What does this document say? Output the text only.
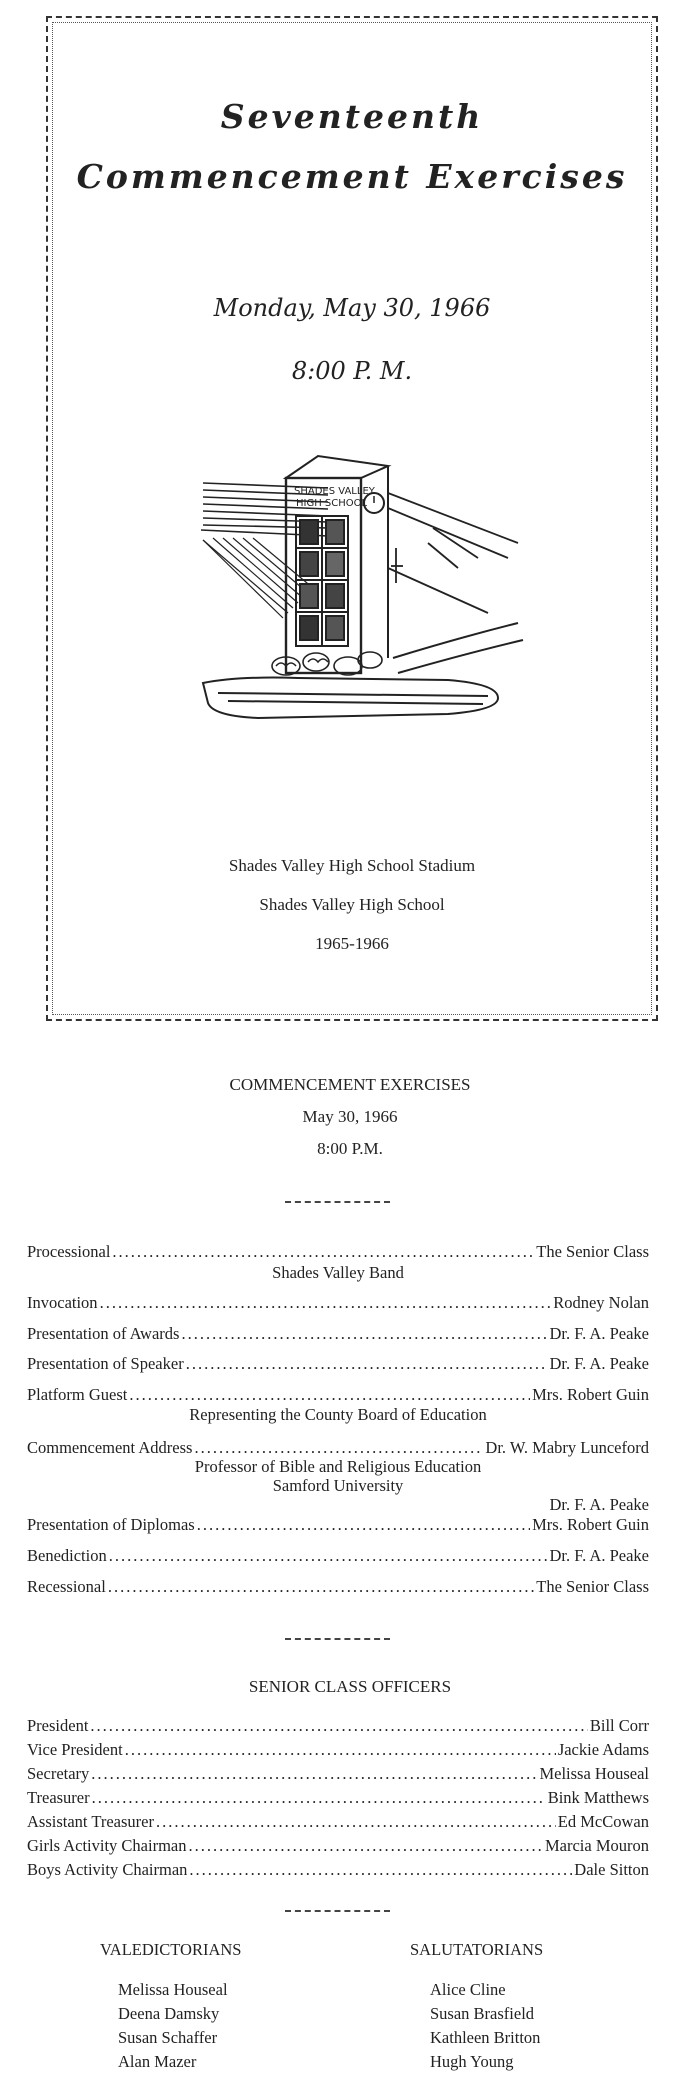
Seventeenth
Commencement Exercises
Monday, May 30, 1966
8:00 P. M.
SHADES VALLEY
HIGH SCHOOL
Shades Valley High School Stadium
Shades Valley High School
1965-1966
COMMENCEMENT EXERCISES
May 30, 1966
8:00 P.M.
Processional .....	The Senior Class
Shades Valley Band
Invocation .....	Rodney Nolan
Presentation of Awards .....	Dr. F. A. Peake
Presentation of Speaker .....	Dr. F. A. Peake
Platform Guest .....	Mrs. Robert Guin
Representing the County Board of Education
Commencement Address .....	Dr. W. Mabry Lunceford
Professor of Bible and Religious Education
Samford University
Dr. F. A. Peake
Presentation of Diplomas .....	Mrs. Robert Guin
Benediction .....	Dr. F. A. Peake
Recessional .....	The Senior Class
SENIOR CLASS OFFICERS
President .....	Bill Corr
Vice President .....	Jackie Adams
Secretary .....	Melissa Houseal
Treasurer .....	Bink Matthews
Assistant Treasurer .....	Ed McCowan
Girls Activity Chairman .....	Marcia Mouron
Boys Activity Chairman .....	Dale Sitton
VALEDICTORIANS
Melissa Houseal
Deena Damsky
Susan Schaffer
Alan Mazer
SALUTATORIANS
Alice Cline
Susan Brasfield
Kathleen Britton
Hugh Young
